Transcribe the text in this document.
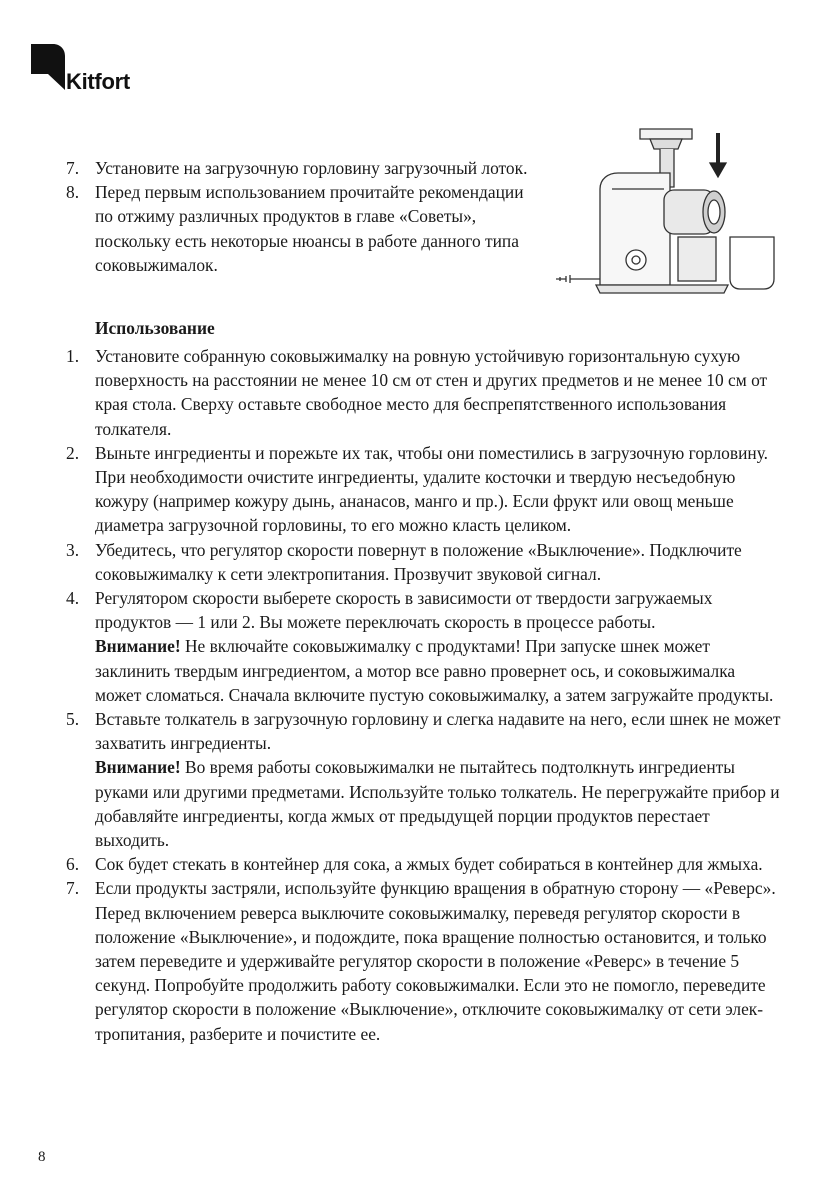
Kitfort
7. Установите на загрузочную горловину загрузочный лоток.
8. Перед первым использованием прочитайте рекомендации по отжиму различных продуктов в главе «Советы», поскольку есть некоторые нюансы в работе данного типа соковыжималок.
Использование
1. Установите собранную соковыжималку на ровную устойчивую горизонтальную сухую поверхность на расстоянии не менее 10 см от стен и других предметов и не менее 10 см от края стола. Сверху оставьте свободное место для беспрепятственного использования толкателя.
2. Выньте ингредиенты и порежьте их так, чтобы они поместились в загрузочную горловину. При необходимости очистите ингредиенты, удалите косточки и твердую несъедобную кожуру (например кожуру дынь, ананасов, манго и пр.). Если фрукт или овощ меньше диаметра загрузочной горловины, то его можно класть целиком.
3. Убедитесь, что регулятор скорости повернут в положение «Выключение». Подключите соковыжималку к сети электропитания. Прозвучит звуковой сигнал.
4. Регулятором скорости выберете скорость в зависимости от твердости загружаемых продуктов — 1 или 2. Вы можете переключать скорость в процессе работы.

Внимание! Не включайте соковыжималку с продуктами! При запуске шнек может заклинить твердым ингредиентом, а мотор все равно провернет ось, и соковыжималка может сломаться. Сначала включите пустую соковыжималку, а затем загружайте продукты.

5. Вставьте толкатель в загрузочную горловину и слегка надавите на него, если шнек не может захватить ингредиенты.

Внимание! Во время работы соковыжималки не пытайтесь подтолкнуть ингредиенты руками или другими предметами. Используйте только толкатель. Не перегружайте прибор и добавляйте ингредиенты, когда жмых от предыдущей порции продуктов перестает выходить.

6. Сок будет стекать в контейнер для сока, а жмых будет собираться в контейнер для жмыха.
7. Если продукты застряли, используйте функцию вращения в обратную сторону — «Реверс». Перед включением реверса выключите соковыжималку, переведя регулятор скорости в положение «Выключение», и подождите, пока вращение полностью остановится, и только затем переведите и удерживайте регулятор скорости в положение «Реверс» в течение 5 секунд. Попробуйте продолжить работу соковыжималки. Если это не помогло, переведите регулятор скорости в положение «Выключение», отключите соковыжималку от сети электропитания, разберите и почистите ее.
8
